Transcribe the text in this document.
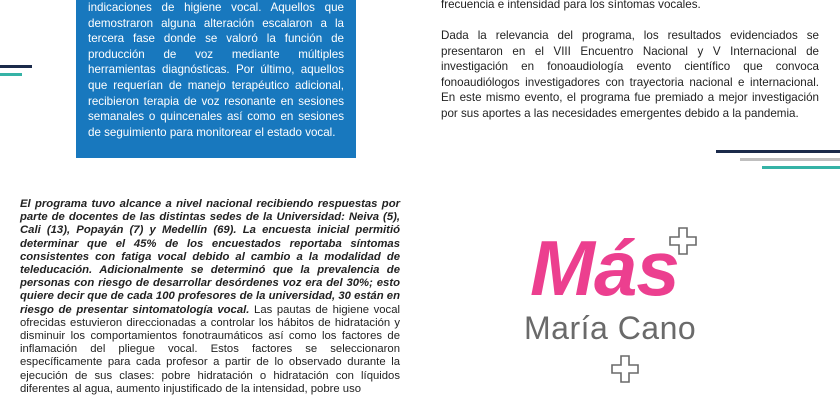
indicaciones de higiene vocal. Aquellos que demostraron alguna alteración escalaron a la tercera fase donde se valoró la función de producción de voz mediante múltiples herramientas diagnósticas. Por último, aquellos que requerían de manejo terapéutico adicional, recibieron terapia de voz resonante en sesiones semanales o quincenales así como en sesiones de seguimiento para monitorear el estado vocal.

frecuencia e intensidad para los síntomas vocales.

Dada la relevancia del programa, los resultados evidenciados se presentaron en el VIII Encuentro Nacional y V Internacional de investigación en fonoaudiología evento científico que convoca fonoaudiólogos investigadores con trayectoria nacional e internacional. En este mismo evento, el programa fue premiado a mejor investigación por sus aportes a las necesidades emergentes debido a la pandemia.

El programa tuvo alcance a nivel nacional recibiendo respuestas por parte de docentes de las distintas sedes de la Universidad: Neiva (5), Cali (13), Popayán (7) y Medellín (69). La encuesta inicial permitió determinar que el 45% de los encuestados reportaba síntomas consistentes con fatiga vocal debido al cambio a la modalidad de teleducación. Adicionalmente se determinó que la prevalencia de personas con riesgo de desarrollar desórdenes voz era del 30%; esto quiere decir que de cada 100 profesores de la universidad, 30 están en riesgo de presentar sintomatología vocal. Las pautas de higiene vocal ofrecidas estuvieron direccionadas a controlar los hábitos de hidratación y disminuir los comportamientos fonotraumáticos así como los factores de inflamación del pliegue vocal. Estos factores se seleccionaron específicamente para cada profesor a partir de lo observado durante la ejecución de sus clases: pobre hidratación o hidratación con líquidos diferentes al agua, aumento injustificado de la intensidad, pobre uso

Más
María Cano
